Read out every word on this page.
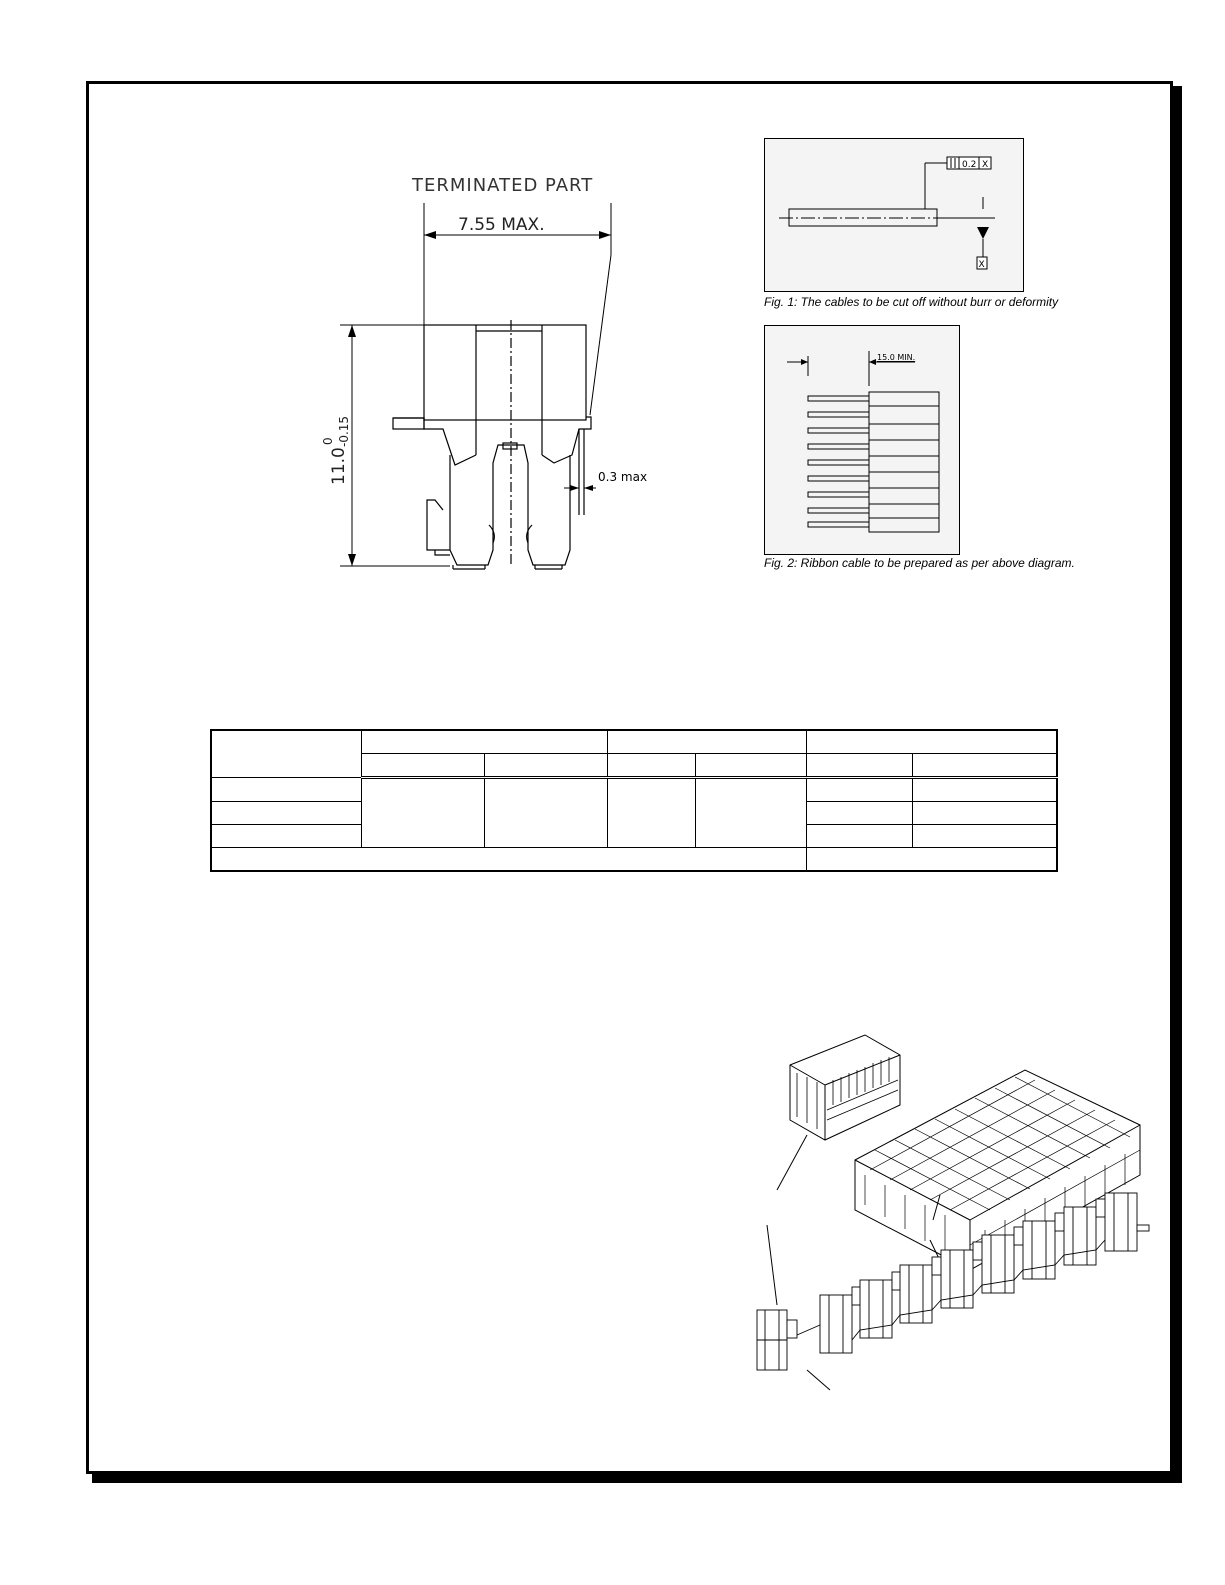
TERMINATED PART
7.55 MAX.
11.0
0 -0.15
0.3 max
0.2 X
X
Fig. 1: The cables to be cut off without burr or deformity
15.0 MIN.
Fig. 2: Ribbon cable to be prepared as per above diagram.
